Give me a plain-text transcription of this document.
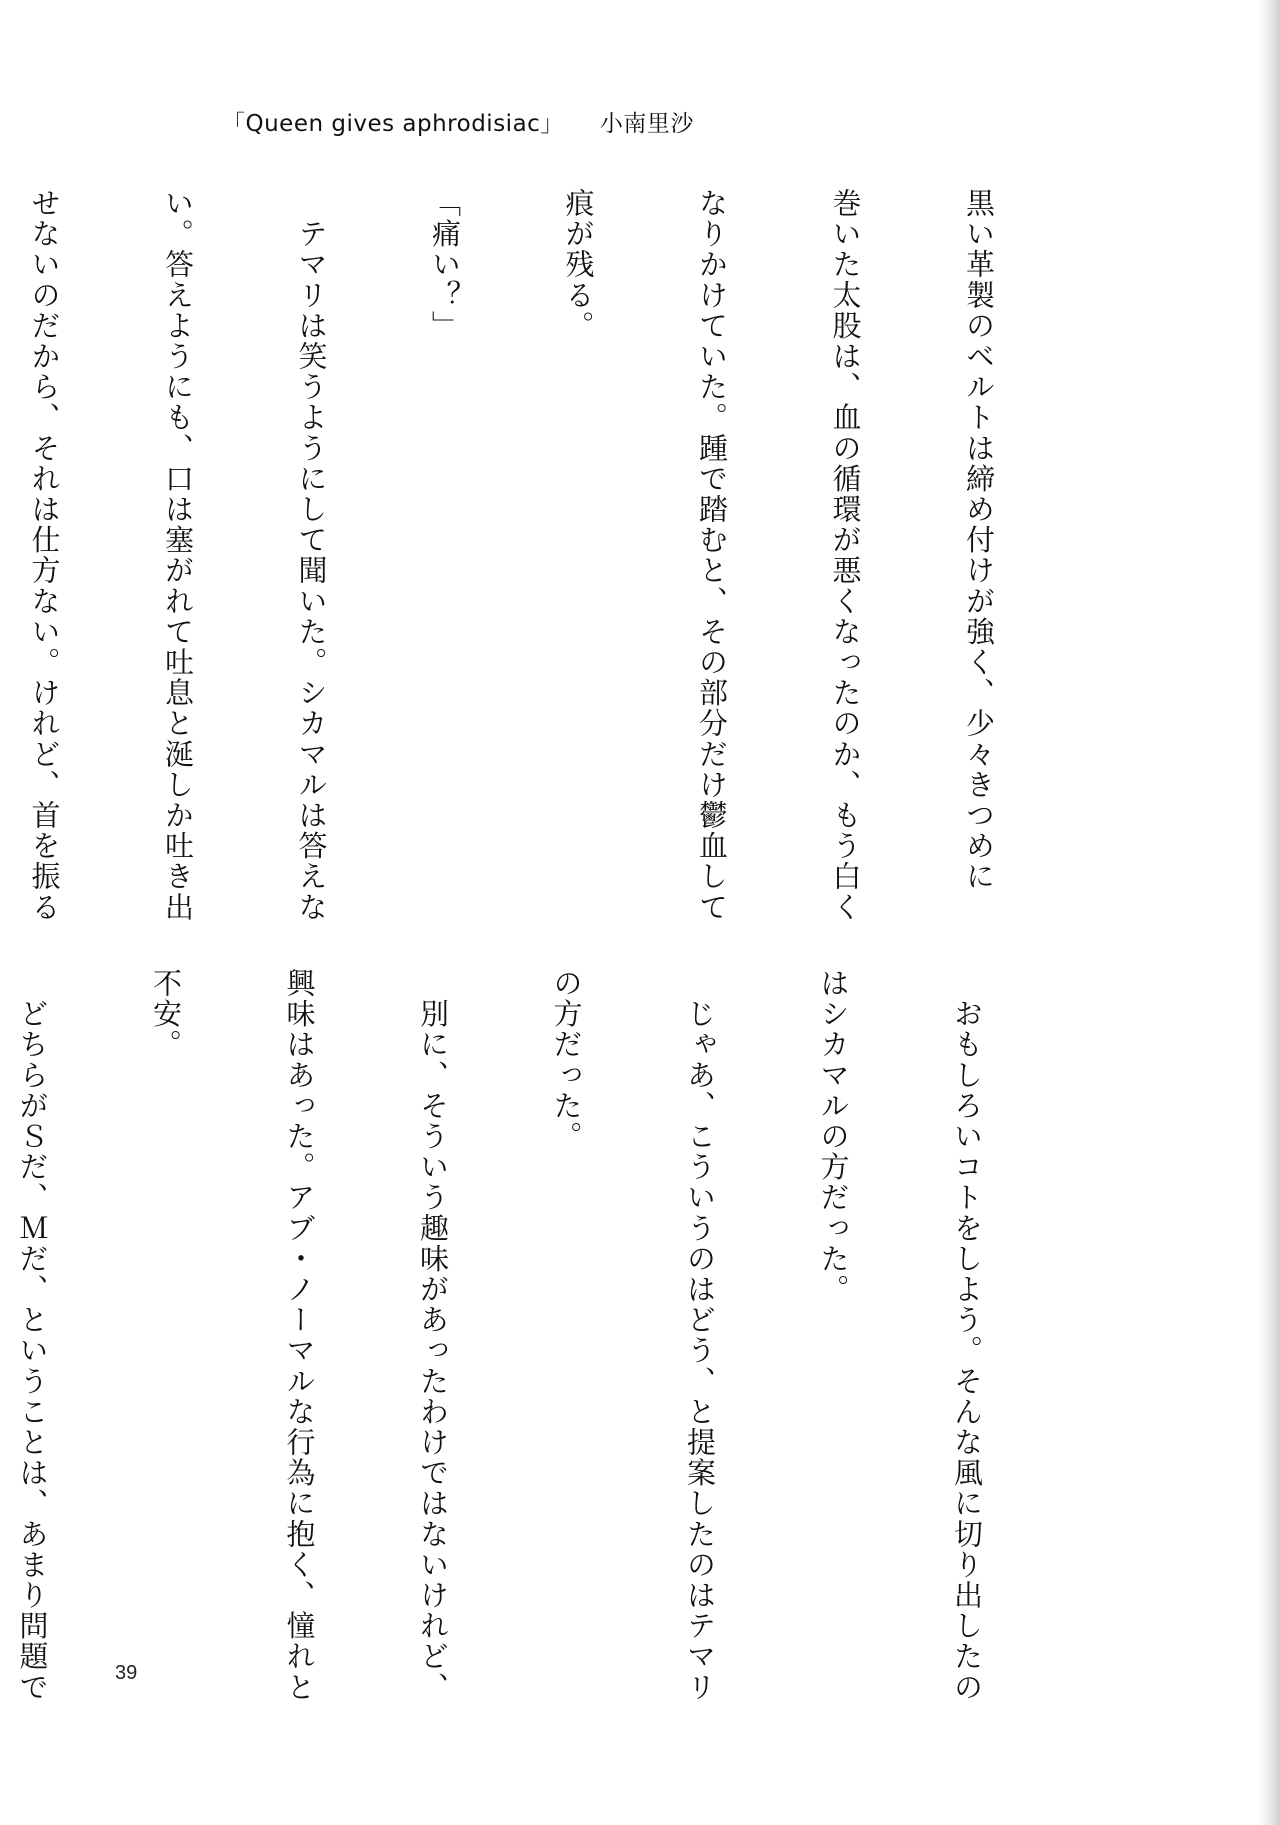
「Queen gives aphrodisiac」 小南里沙

黒い革製のベルトは締め付けが強く、少々きつめに

巻いた太股は、血の循環が悪くなったのか、もう白く

なりかけていた。踵で踏むと、その部分だけ鬱血して

痕が残る。

「痛い？」

　テマリは笑うようにして聞いた。シカマルは答えな

い。答えようにも、口は塞がれて吐息と涎しか吐き出

せないのだから、それは仕方ない。けれど、首を振る

　おもしろいコトをしよう。そんな風に切り出したの

はシカマルの方だった。

　じゃあ、こういうのはどう、と提案したのはテマリ

の方だった。

　別に、そういう趣味があったわけではないけれど、

興味はあった。アブ・ノーマルな行為に抱く、憧れと

不安。

　どちらがＳだ、Ｍだ、ということは、あまり問題で

	39
